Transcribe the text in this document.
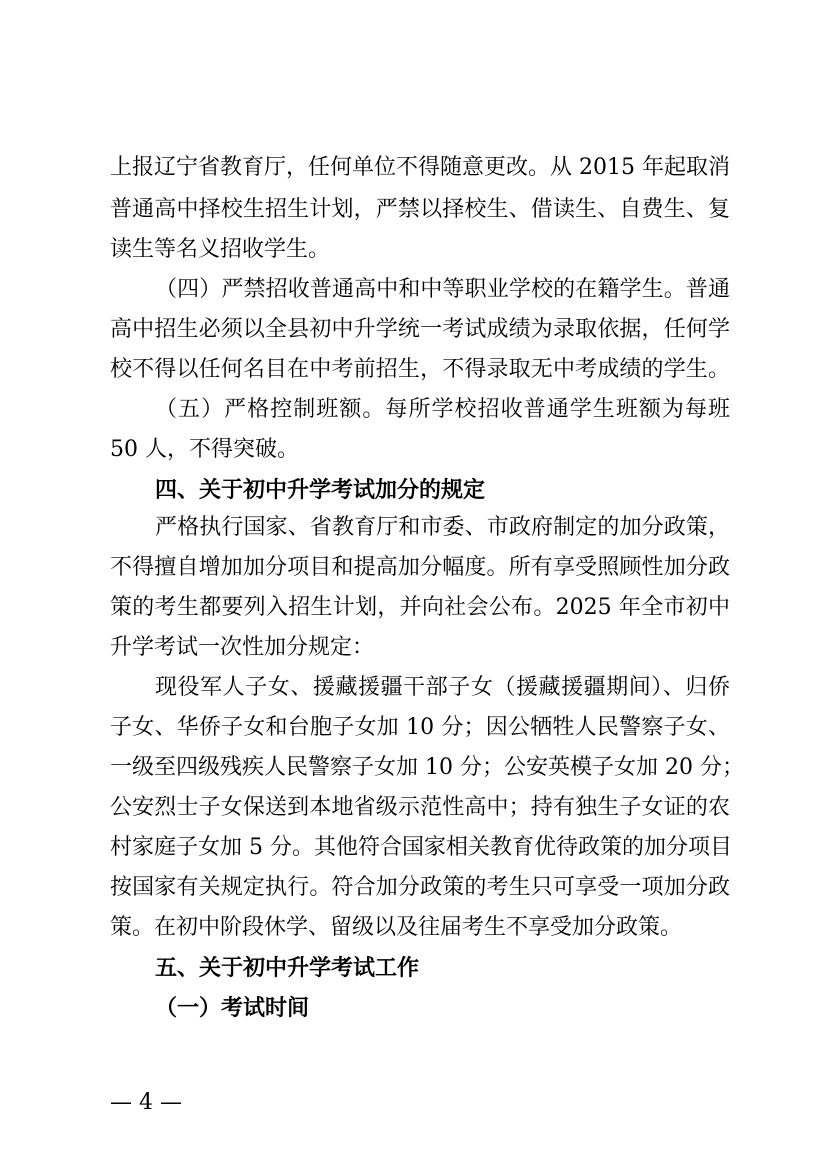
上报辽宁省教育厅，任何单位不得随意更改。从 2015 年起取消
普通高中择校生招生计划，严禁以择校生、借读生、自费生、复
读生等名义招收学生。
（四）严禁招收普通高中和中等职业学校的在籍学生。普通
高中招生必须以全县初中升学统一考试成绩为录取依据，任何学
校不得以任何名目在中考前招生，不得录取无中考成绩的学生。
（五）严格控制班额。每所学校招收普通学生班额为每班
50 人，不得突破。
四、关于初中升学考试加分的规定
严格执行国家、省教育厅和市委、市政府制定的加分政策，
不得擅自增加加分项目和提高加分幅度。所有享受照顾性加分政
策的考生都要列入招生计划，并向社会公布。2025 年全市初中
升学考试一次性加分规定：
现役军人子女、援藏援疆干部子女（援藏援疆期间）、归侨
子女、华侨子女和台胞子女加 10 分；因公牺牲人民警察子女、
一级至四级残疾人民警察子女加 10 分；公安英模子女加 20 分；
公安烈士子女保送到本地省级示范性高中；持有独生子女证的农
村家庭子女加 5 分。其他符合国家相关教育优待政策的加分项目
按国家有关规定执行。符合加分政策的考生只可享受一项加分政
策。在初中阶段休学、留级以及往届考生不享受加分政策。
五、关于初中升学考试工作
（一）考试时间
— 4 —
